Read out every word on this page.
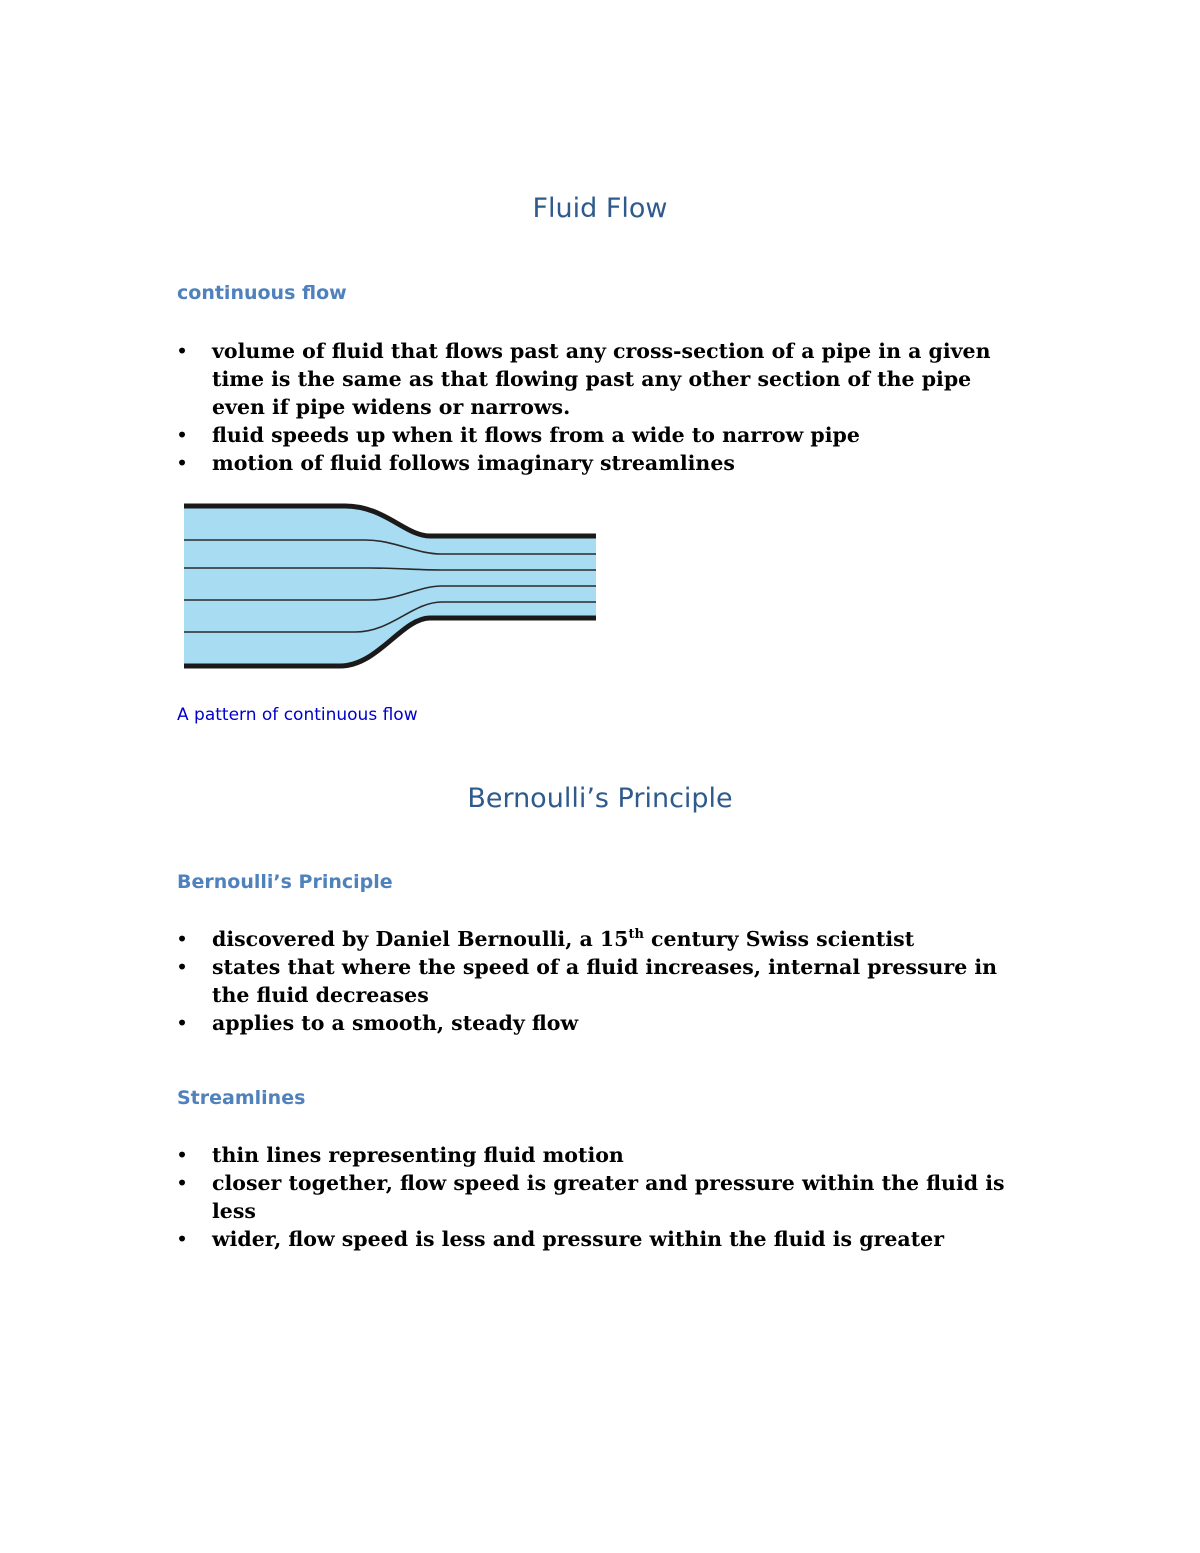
Fluid Flow
continuous flow
• volume of fluid that flows past any cross-section of a pipe in a given time is the same as that flowing past any other section of the pipe even if pipe widens or narrows.
• fluid speeds up when it flows from a wide to narrow pipe
• motion of fluid follows imaginary streamlines

A pattern of continuous flow

Bernoulli’s Principle
Bernoulli’s Principle
• discovered by Daniel Bernoulli, a 15th century Swiss scientist
• states that where the speed of a fluid increases, internal pressure in the fluid decreases
• applies to a smooth, steady flow
Streamlines
• thin lines representing fluid motion
• closer together, flow speed is greater and pressure within the fluid is less
• wider, flow speed is less and pressure within the fluid is greater
